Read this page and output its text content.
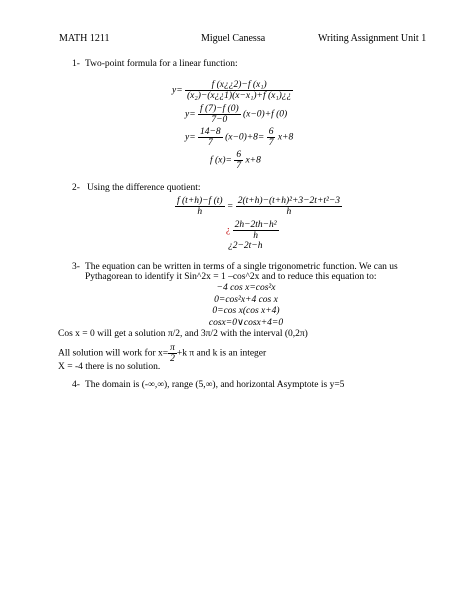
MATH 1211	Miguel Canessa	Writing Assignment Unit 1
1- Two-point formula for a linear function:
$y= \frac{\text{f (x¿¿2)−f (x₁)}}{\text{(x₂)−(x¿¿1)(x−x₁)+f (x₁)¿¿}}$
$y= \frac{f (7)-f (0)}{7-0} (x-0)+f$ (0)
$y= \frac{14-8}{7} (x-0)+8= \frac{6}{7} x+8$
f $(x)= \frac{6}{7} x+8$
2- Using the difference quotient:
$\frac{f (t+h)-f (t)}{h} = \frac{\text{2(t+h)−(t+h)²+3−2t+t²−3}}{h}$
¿ $\frac{\text{2h−2th−h²}}{h}$
¿2−2t−h
3- The equation can be written in terms of a single trigonometric function. We can us
Pythagorean to identify it Sin^2x = 1 –cos^2x and to reduce this equation to:
−4 cos x=cos²x
0=cos²x+4 cos x
0=cos x(cos x+4)
cosx=0∨cosx+4=0
Cos x = 0 will get a solution π/2, and 3π/2 with the interval (0,2π)
All solution will work for $x= \frac{\pi}{2} +k$ π and k is an integer
X = -4 there is no solution.
4- The domain is (-∞,∞), range (5,∞), and horizontal Asymptote is y=5
